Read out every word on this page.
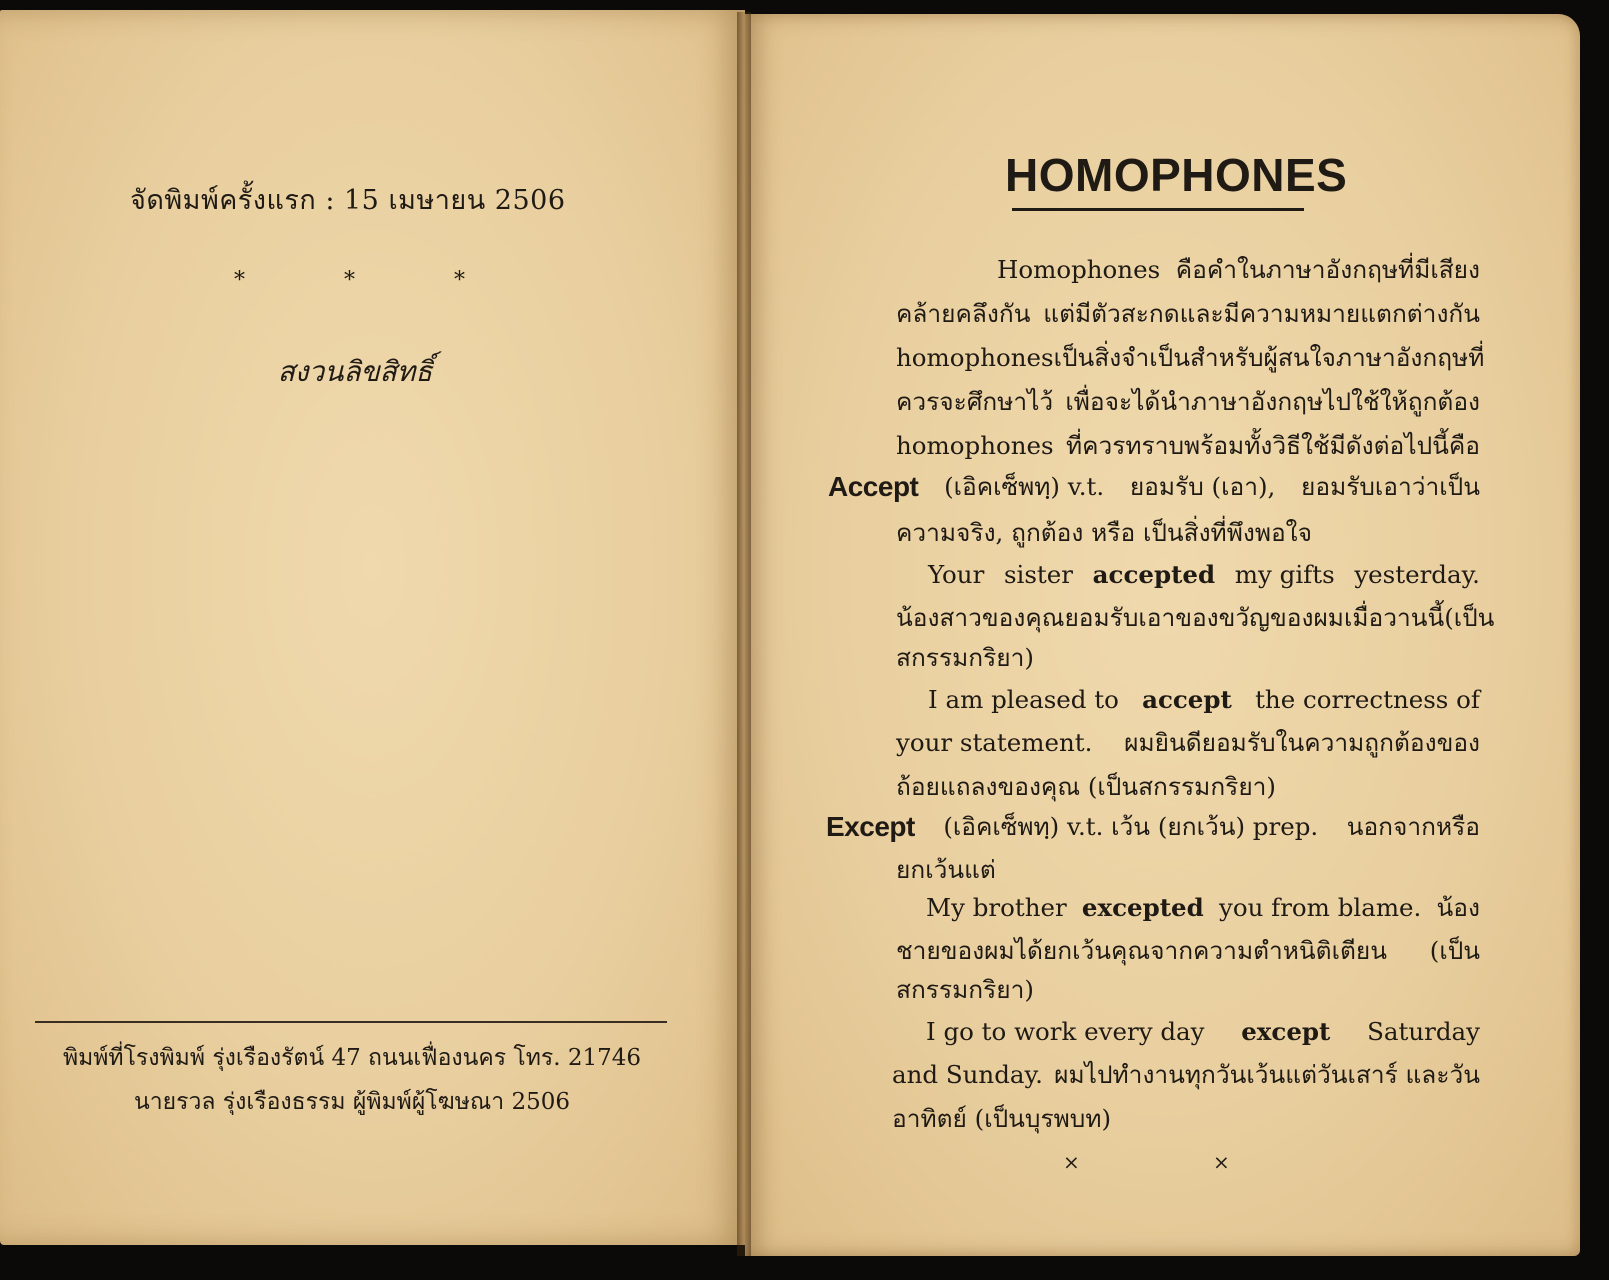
จัดพิมพ์ครั้งแรก : 15 เมษายน 2506
*	*	*
สงวนลิขสิทธิ์
พิมพ์ที่โรงพิมพ์ รุ่งเรืองรัตน์ 47 ถนนเฟื่องนคร โทร. 21746
นายรวล รุ่งเรืองธรรม ผู้พิมพ์ผู้โฆษณา 2506
HOMOPHONES
Homophones คือคำในภาษาอังกฤษที่มีเสียง
คล้ายคลึงกัน แต่มีตัวสะกดและมีความหมายแตกต่างกัน
homophones เป็นสิ่งจำเป็นสำหรับผู้สนใจภาษาอังกฤษที่
ควรจะศึกษาไว้ เพื่อจะได้นำภาษาอังกฤษไปใช้ให้ถูกต้อง
homophones ที่ควรทราบพร้อมทั้งวิธีใช้มีดังต่อไปนี้คือ
Accept (เอิคเซ็พทฺ) v.t. ยอมรับ (เอา), ยอมรับเอาว่าเป็น
ความจริง, ถูกต้อง หรือ เป็นสิ่งที่พึงพอใจ
Your sister accepted my gifts yesterday.
น้องสาวของคุณยอมรับเอาของขวัญของผมเมื่อวานนี้ (เป็น
สกรรมกริยา)
I am pleased to accept the correctness of
your statement. ผมยินดียอมรับในความถูกต้องของ
ถ้อยแถลงของคุณ (เป็นสกรรมกริยา)
Except (เอิคเซ็พทฺ) v.t. เว้น (ยกเว้น) prep. นอกจากหรือ
ยกเว้นแต่
My brother excepted you from blame. น้อง
ชายของผมได้ยกเว้นคุณจากความตำหนิติเตียน (เป็น
สกรรมกริยา)
I go to work every day except Saturday
and Sunday. ผมไปทำงานทุกวันเว้นแต่วันเสาร์ และวัน
อาทิตย์ (เป็นบุรพบท)
×	×
